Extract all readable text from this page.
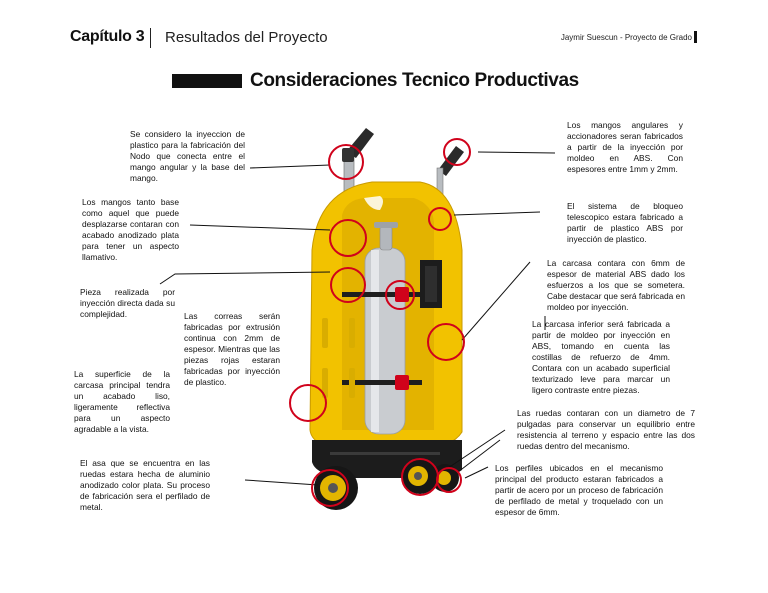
Capítulo 3 Resultados del Proyecto	Jaymir Suescun - Proyecto de Grado
Consideraciones Tecnico Productivas
Se considero la inyeccion de plastico para la fabricación del Nodo que conecta entre el mango angular y la base del mango.
Los mangos tanto base como aquel que puede desplazarse contaran con acabado anodizado plata para tener un aspecto llamativo.
Pieza realizada por inyección directa dada su complejidad.	Las correas serán fabricadas por extrusión continua con 2mm de espesor. Mientras que las piezas rojas estaran fabricadas por inyección de plastico.
La superficie de la carcasa principal tendra un acabado liso, ligeramente reflectiva para un aspecto agradable a la vista.
El asa que se encuentra en las ruedas estara hecha de aluminio anodizado color plata. Su proceso de fabricación sera el perfilado de metal.
Los mangos angulares y accionadores seran fabricados a partir de la inyección por moldeo en ABS. Con espesores entre 1mm y 2mm.
El sistema de bloqueo telescopico estara fabricado a partir de plastico ABS por inyección de plastico.
La carcasa contara con 6mm de espesor de material ABS dado los esfuerzos a los que se sometera. Cabe destacar que será fabricada en moldeo por inyección.
La carcasa inferior será fabricada a partir de moldeo por inyección en ABS, tomando en cuenta las costillas de refuerzo de 4mm. Contara con un acabado superficial texturizado leve para marcar un ligero contraste entre piezas.
Las ruedas contaran con un diametro de 7 pulgadas para conservar un equilibrio entre resistencia al terreno y espacio entre las dos ruedas dentro del mecanismo.
Los perfiles ubicados en el mecanismo principal del producto estaran fabricados a partir de acero por un proceso de fabricación de perfilado de metal y troquelado con un espesor de 6mm.
